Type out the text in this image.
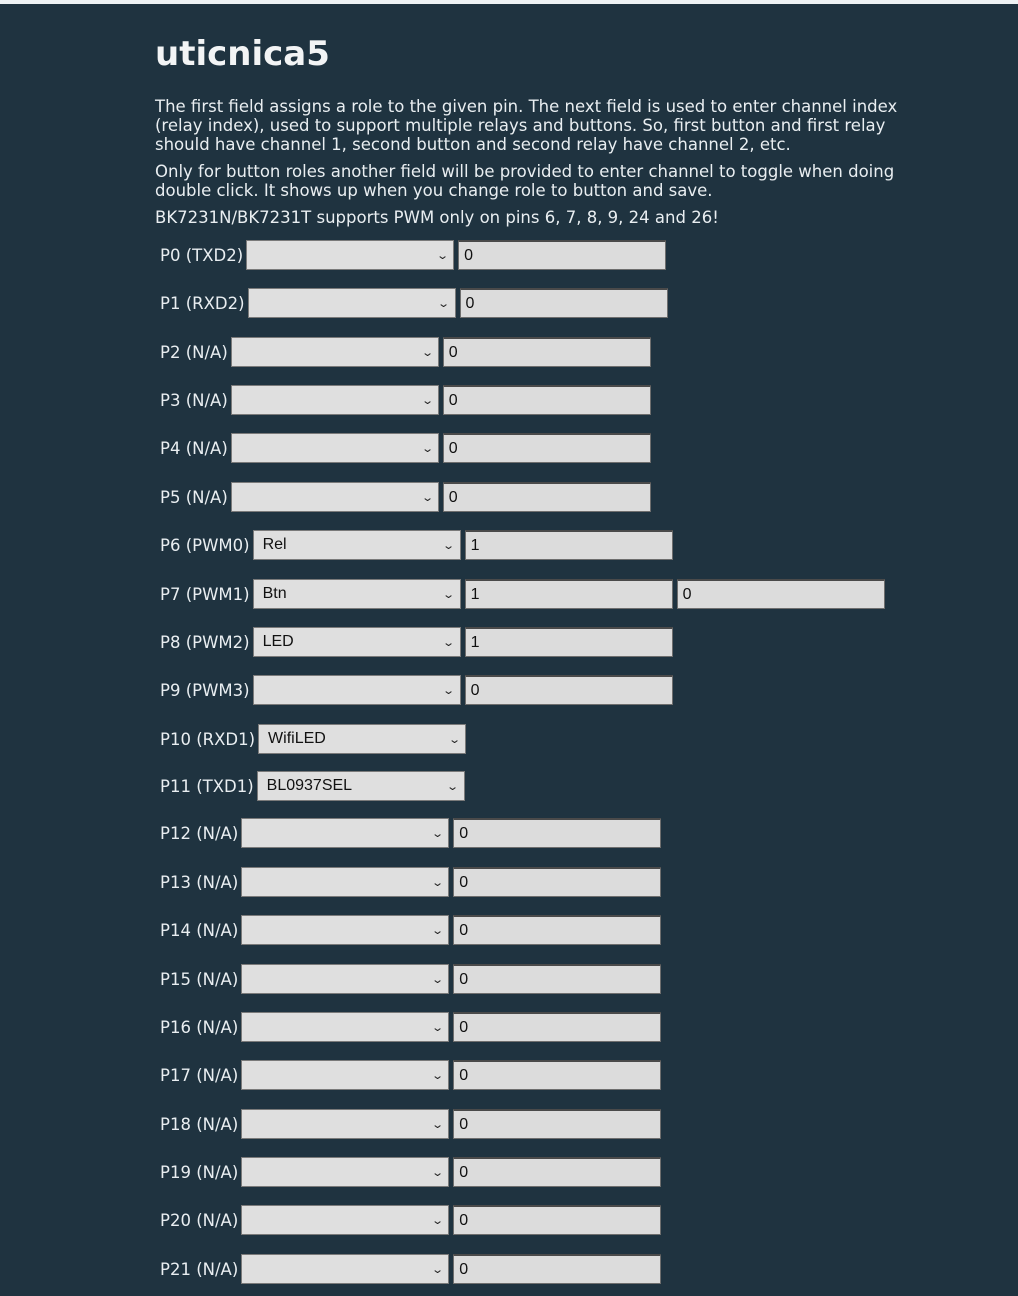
uticnica5
The first field assigns a role to the given pin. The next field is used to enter channel index (relay index), used to support multiple relays and buttons. So, first button and first relay should have channel 1, second button and second relay have channel 2, etc.
Only for button roles another field will be provided to enter channel to toggle when doing double click. It shows up when you change role to button and save.
BK7231N/BK7231T supports PWM only on pins 6, 7, 8, 9, 24 and 26!
P0 (TXD2)	⌄ 0
P1 (RXD2)	⌄ 0
P2 (N/A)	⌄ 0
P3 (N/A)	⌄ 0
P4 (N/A)	⌄ 0
P5 (N/A)	⌄ 0
P6 (PWM0) Rel	⌄ 1
P7 (PWM1) Btn	⌄ 1	0
P8 (PWM2) LED	⌄ 1
P9 (PWM3)	⌄ 0
P10 (RXD1) WifiLED	⌄
P11 (TXD1) BL0937SEL	⌄
P12 (N/A)	⌄ 0
P13 (N/A)	⌄ 0
P14 (N/A)	⌄ 0
P15 (N/A)	⌄ 0
P16 (N/A)	⌄ 0
P17 (N/A)	⌄ 0
P18 (N/A)	⌄ 0
P19 (N/A)	⌄ 0
P20 (N/A)	⌄ 0
P21 (N/A)	⌄ 0
